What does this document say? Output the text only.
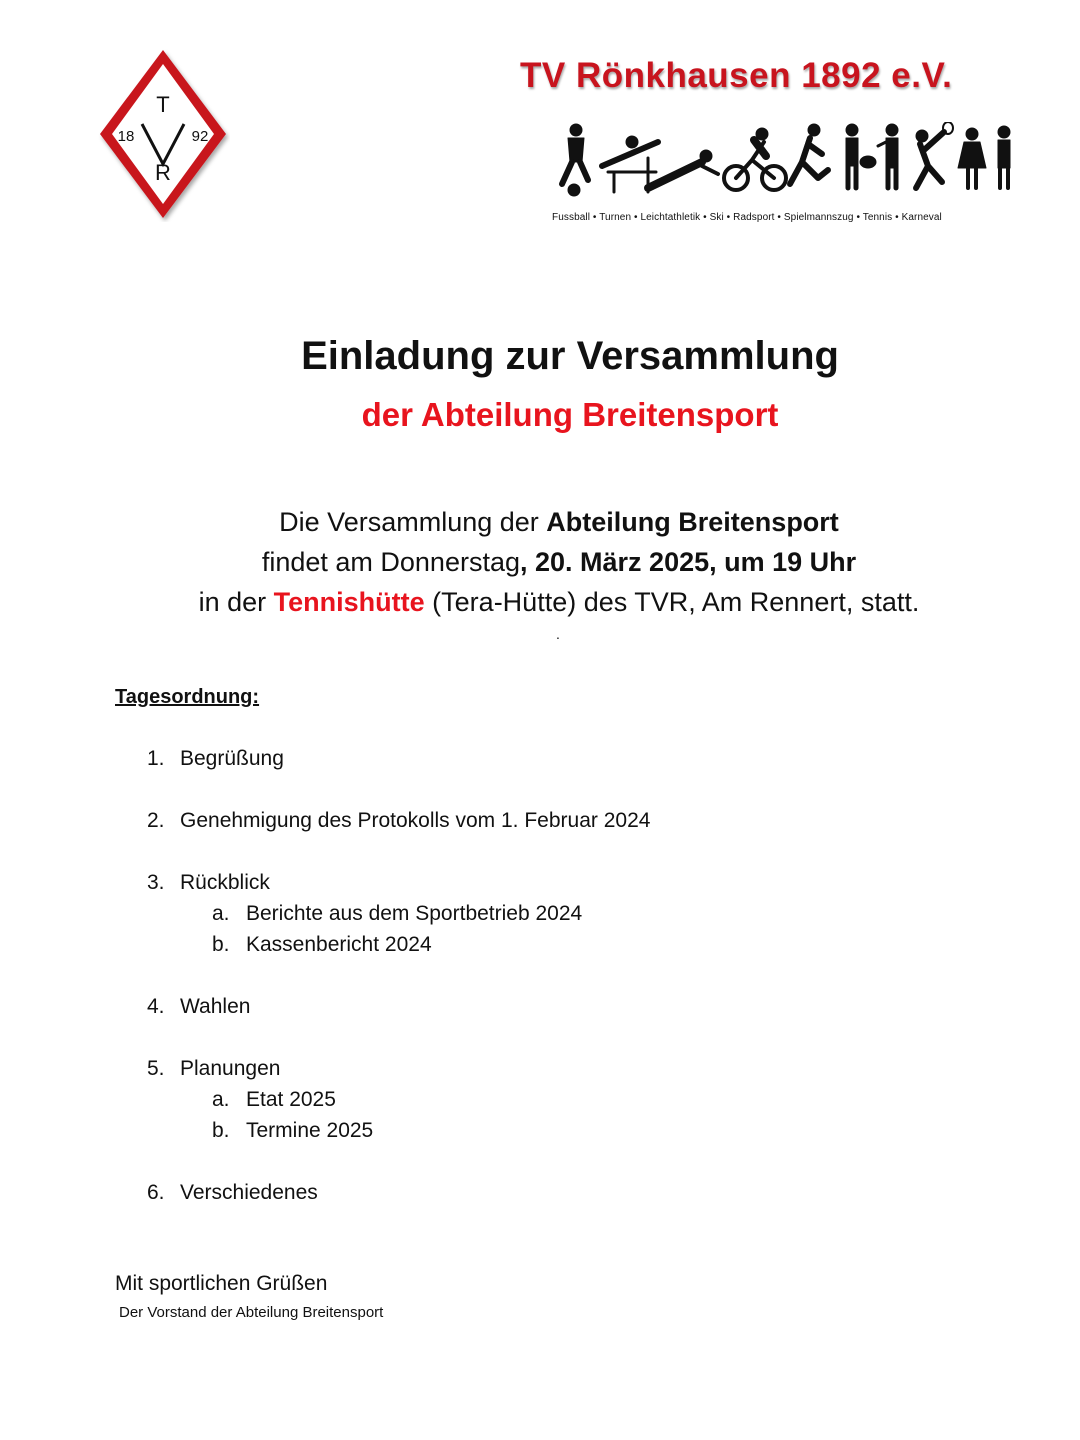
T
18	92
R
TV Rönkhausen 1892 e.V.
Fussball • Turnen • Leichtathletik • Ski • Radsport • Spielmannszug • Tennis • Karneval
Einladung zur Versammlung
der Abteilung Breitensport
Die Versammlung der Abteilung Breitensport
findet am Donnerstag, 20. März 2025, um 19 Uhr
in der Tennishütte (Tera-Hütte) des TVR, Am Rennert, statt.
.
Tagesordnung:
1. Begrüßung
2. Genehmigung des Protokolls vom 1. Februar 2024
3. Rückblick
a. Berichte aus dem Sportbetrieb 2024
b. Kassenbericht 2024
4. Wahlen
5. Planungen
a. Etat 2025
b. Termine 2025
6. Verschiedenes
Mit sportlichen Grüßen
Der Vorstand der Abteilung Breitensport
